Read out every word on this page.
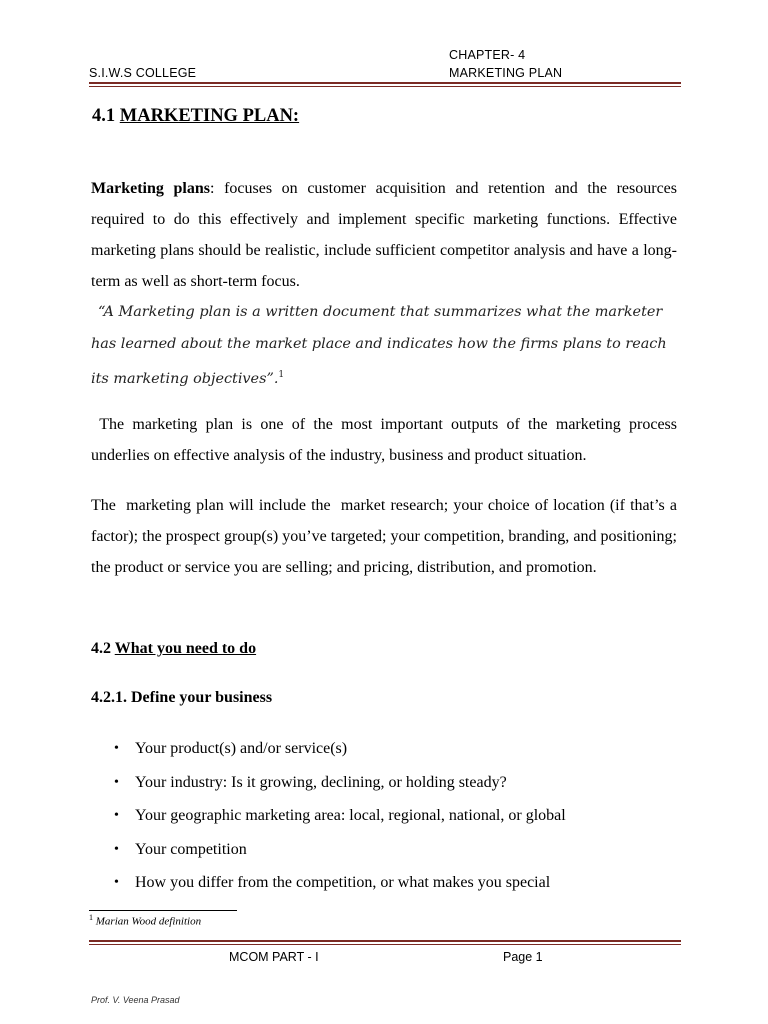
CHAPTER- 4
S.I.W.S COLLEGE	MARKETING PLAN
4.1 MARKETING PLAN:
Marketing plans: focuses on customer acquisition and retention and the resources required to do this effectively and implement specific marketing functions. Effective marketing plans should be realistic, include sufficient competitor analysis and have a long-term as well as short-term focus.
“A Marketing plan is a written document that summarizes what the marketer has learned about the market place and indicates how the firms plans to reach its marketing objectives”.$^1$
The marketing plan is one of the most important outputs of the marketing process underlies on effective analysis of the industry, business and product situation.
The  marketing plan will include the  market research; your choice of location (if that’s a factor); the prospect group(s) you’ve targeted; your competition, branding, and positioning; the product or service you are selling; and pricing, distribution, and promotion.
4.2 What you need to do
4.2.1. Define your business
• Your product(s) and/or service(s)
• Your industry: Is it growing, declining, or holding steady?
• Your geographic marketing area: local, regional, national, or global
• Your competition
• How you differ from the competition, or what makes you special
$^1$ Marian Wood definition
MCOM PART - I	Page 1
Prof. V. Veena Prasad
